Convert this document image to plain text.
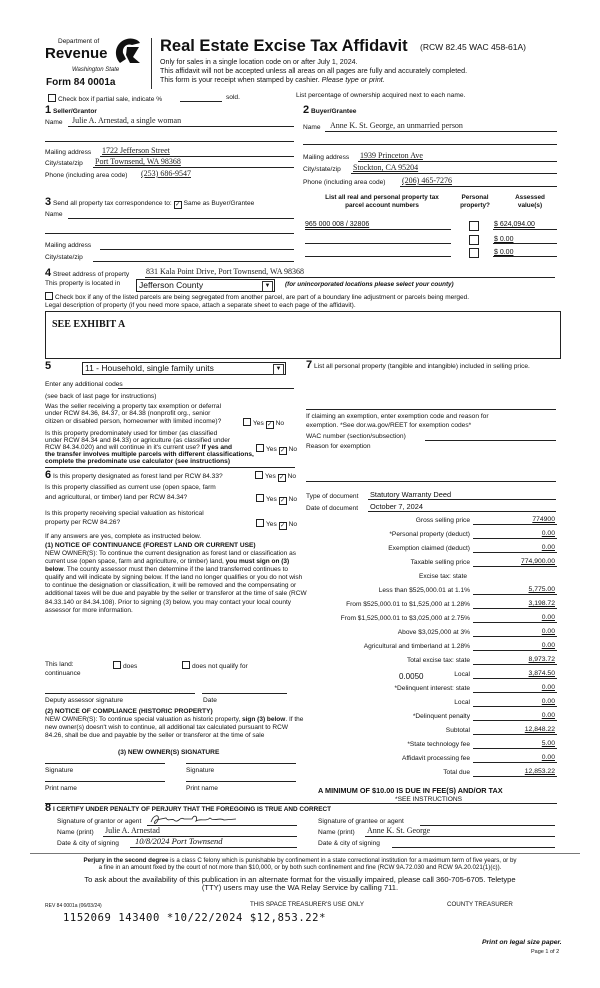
Department of
Revenue
Washington State
Form 84 0001a
Real Estate Excise Tax Affidavit (RCW 82.45 WAC 458-61A)
Only for sales in a single location code on or after July 1, 2024.
This affidavit will not be accepted unless all areas on all pages are fully and accurately completed.
This form is your receipt when stamped by cashier. Please type or print.
Check box if partial sale, indicate %	sold.	List percentage of ownership acquired next to each name.
1 Seller/Grantor
Name Julie A. Arnestad, a single woman
Mailing address 1722 Jefferson Street
City/state/zip Port Townsend, WA 98368
Phone (including area code) (253) 686-9547
2 Buyer/Grantee
Name Anne K. St. George, an unmarried person
Mailing address 1939 Princeton Ave
City/state/zip Stockton, CA 95204
Phone (including area code) (206) 465-7276
3 Send all property tax correspondence to: ✓ Same as Buyer/Grantee
Name
Mailing address
City/state/zip
List all real and personal property tax
parcel account numbers
Personal
property?
Assessed
value(s)
965 000 008 / 32806	$ 624,094.00
$ 0.00
$ 0.00
4 Street address of property 831 Kala Point Drive, Port Townsend, WA 98368
This property is located in	Jefferson County	▼	(for unincorporated locations please select your county)
Check box if any of the listed parcels are being segregated from another parcel, are part of a boundary line adjustment or parcels being merged.
Legal description of property (if you need more space, attach a separate sheet to each page of the affidavit).
SEE EXHIBIT A
5	11 - Household, single family units	▼
Enter any additional codes
(see back of last page for instructions)
Was the seller receiving a property tax exemption or deferral
under RCW 84.36, 84.37, or 84.38 (nonprofit org., senior
citizen or disabled person, homeowner with limited income)?	Yes ✓ No
Is this property predominately used for timber (as classified
under RCW 84.34 and 84.33) or agriculture (as classified under
RCW 84.34.020) and will continue in it's current use? If yes and
the transfer involves multiple parcels with different classifications,
complete the predominate use calculator (see instructions)
Yes ✓ No
6 Is this property designated as forest land per RCW 84.33?	Yes ✓ No
Is this property classified as current use (open space, farm
and agricultural, or timber) land per RCW 84.34?	Yes ✓ No
Is this property receiving special valuation as historical
property per RCW 84.26?	Yes ✓ No
If any answers are yes, complete as instructed below.
(1) NOTICE OF CONTINUANCE (FOREST LAND OR CURRENT USE)
NEW OWNER(S): To continue the current designation as forest land or classification as current use (open space, farm and agriculture, or timber) land, you must sign on (3) below. The county assessor must then determine if the land transferred continues to qualify and will indicate by signing below. If the land no longer qualifies or you do not wish to continue the designation or classification, it will be removed and the compensating or additional taxes will be due and payable by the seller or transferor at the time of sale (RCW 84.33.140 or 84.34.108). Prior to signing (3) below, you may contact your local county assessor for more information.
This land:
continuance
does	does not qualify for
Deputy assessor signature	Date
(2) NOTICE OF COMPLIANCE (HISTORIC PROPERTY)
NEW OWNER(S): To continue special valuation as historic property, sign (3) below. If the new owner(s) doesn't wish to continue, all additional tax calculated pursuant to RCW 84.26, shall be due and payable by the seller or transferor at the time of sale
(3) NEW OWNER(S) SIGNATURE
Signature	Signature
Print name	Print name
7 List all personal property (tangible and intangible) included in selling price.
If claiming an exemption, enter exemption code and reason for
exemption. *See dor.wa.gov/REET for exemption codes*
WAC number (section/subsection)
Reason for exemption
Type of document Statutory Warranty Deed
Date of document October 7, 2024
Gross selling price	774900
*Personal property (deduct)	0.00
Exemption claimed (deduct)	0.00
Taxable selling price	774,900.00
Excise tax: state
Less than $525,000.01 at 1.1%	5,775.00
From $525,000.01 to $1,525,000 at 1.28%	3,198.72
From $1,525,000.01 to $3,025,000 at 2.75%	0.00
Above $3,025,000 at 3%	0.00
Agricultural and timberland at 1.28%	0.00
Total excise tax: state	8,973.72
Local	3,874.50
*Delinquent interest: state	0.00
Local	0.00
*Delinquent penalty	0.00
Subtotal	12,848.22
*State technology fee	5.00
Affidavit processing fee	0.00
Total due	12,853.22
0.0050
A MINIMUM OF $10.00 IS DUE IN FEE(S) AND/OR TAX
*SEE INSTRUCTIONS
8 I CERTIFY UNDER PENALTY OF PERJURY THAT THE FOREGOING IS TRUE AND CORRECT
Signature of grantor or agent
Name (print) Julie A. Arnestad
Date & city of signing 10/8/2024 Port Townsend
Signature of grantee or agent
Name (print) Anne K. St. George
Date & city of signing
Perjury in the second degree is a class C felony which is punishable by confinement in a state correctional institution for a maximum term of five years, or by
a fine in an amount fixed by the court of not more than $10,000, or by both such confinement and fine (RCW 9A.72.030 and RCW 9A.20.021(1)(c)).
To ask about the availability of this publication in an alternate format for the visually impaired, please call 360-705-6705. Teletype
(TTY) users may use the WA Relay Service by calling 711.
REV 84 0001a (06/03/24)	THIS SPACE TREASURER'S USE ONLY	COUNTY TREASURER
1152069 143400 *10/22/2024 $12,853.22*
Print on legal size paper.
Page 1 of 2
